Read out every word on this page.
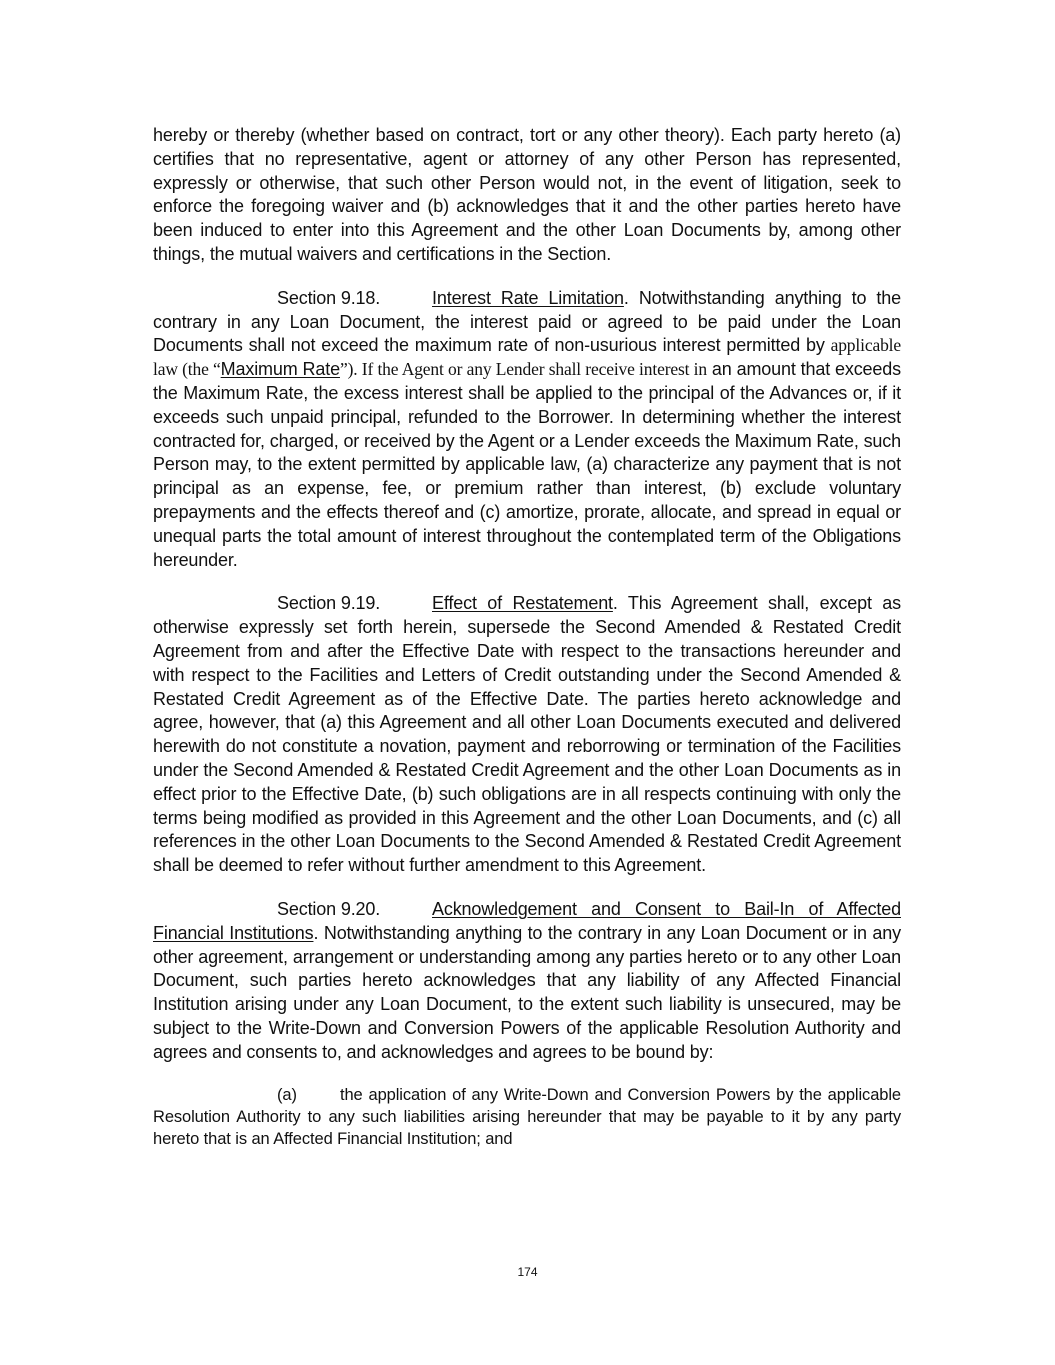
hereby or thereby (whether based on contract, tort or any other theory). Each party hereto (a) certifies that no representative, agent or attorney of any other Person has represented, expressly or otherwise, that such other Person would not, in the event of litigation, seek to enforce the foregoing waiver and (b) acknowledges that it and the other parties hereto have been induced to enter into this Agreement and the other Loan Documents by, among other things, the mutual waivers and certifications in the Section.

Section 9.18.	Interest Rate Limitation. Notwithstanding anything to the contrary in any Loan Document, the interest paid or agreed to be paid under the Loan Documents shall not exceed the maximum rate of non-usurious interest permitted by applicable law (the “Maximum Rate”). If the Agent or any Lender shall receive interest in an amount that exceeds the Maximum Rate, the excess interest shall be applied to the principal of the Advances or, if it exceeds such unpaid principal, refunded to the Borrower. In determining whether the interest contracted for, charged, or received by the Agent or a Lender exceeds the Maximum Rate, such Person may, to the extent permitted by applicable law, (a) characterize any payment that is not principal as an expense, fee, or premium rather than interest, (b) exclude voluntary prepayments and the effects thereof and (c) amortize, prorate, allocate, and spread in equal or unequal parts the total amount of interest throughout the contemplated term of the Obligations hereunder.

Section 9.19.	Effect of Restatement. This Agreement shall, except as otherwise expressly set forth herein, supersede the Second Amended & Restated Credit Agreement from and after the Effective Date with respect to the transactions hereunder and with respect to the Facilities and Letters of Credit outstanding under the Second Amended & Restated Credit Agreement as of the Effective Date. The parties hereto acknowledge and agree, however, that (a) this Agreement and all other Loan Documents executed and delivered herewith do not constitute a novation, payment and reborrowing or termination of the Facilities under the Second Amended & Restated Credit Agreement and the other Loan Documents as in effect prior to the Effective Date, (b) such obligations are in all respects continuing with only the terms being modified as provided in this Agreement and the other Loan Documents, and (c) all references in the other Loan Documents to the Second Amended & Restated Credit Agreement shall be deemed to refer without further amendment to this Agreement.

Section 9.20.	Acknowledgement and Consent to Bail-In of Affected Financial Institutions. Notwithstanding anything to the contrary in any Loan Document or in any other agreement, arrangement or understanding among any parties hereto or to any other Loan Document, such parties hereto acknowledges that any liability of any Affected Financial Institution arising under any Loan Document, to the extent such liability is unsecured, may be subject to the Write-Down and Conversion Powers of the applicable Resolution Authority and agrees and consents to, and acknowledges and agrees to be bound by:

(a)	the application of any Write-Down and Conversion Powers by the applicable Resolution Authority to any such liabilities arising hereunder that may be payable to it by any party hereto that is an Affected Financial Institution; and

174
